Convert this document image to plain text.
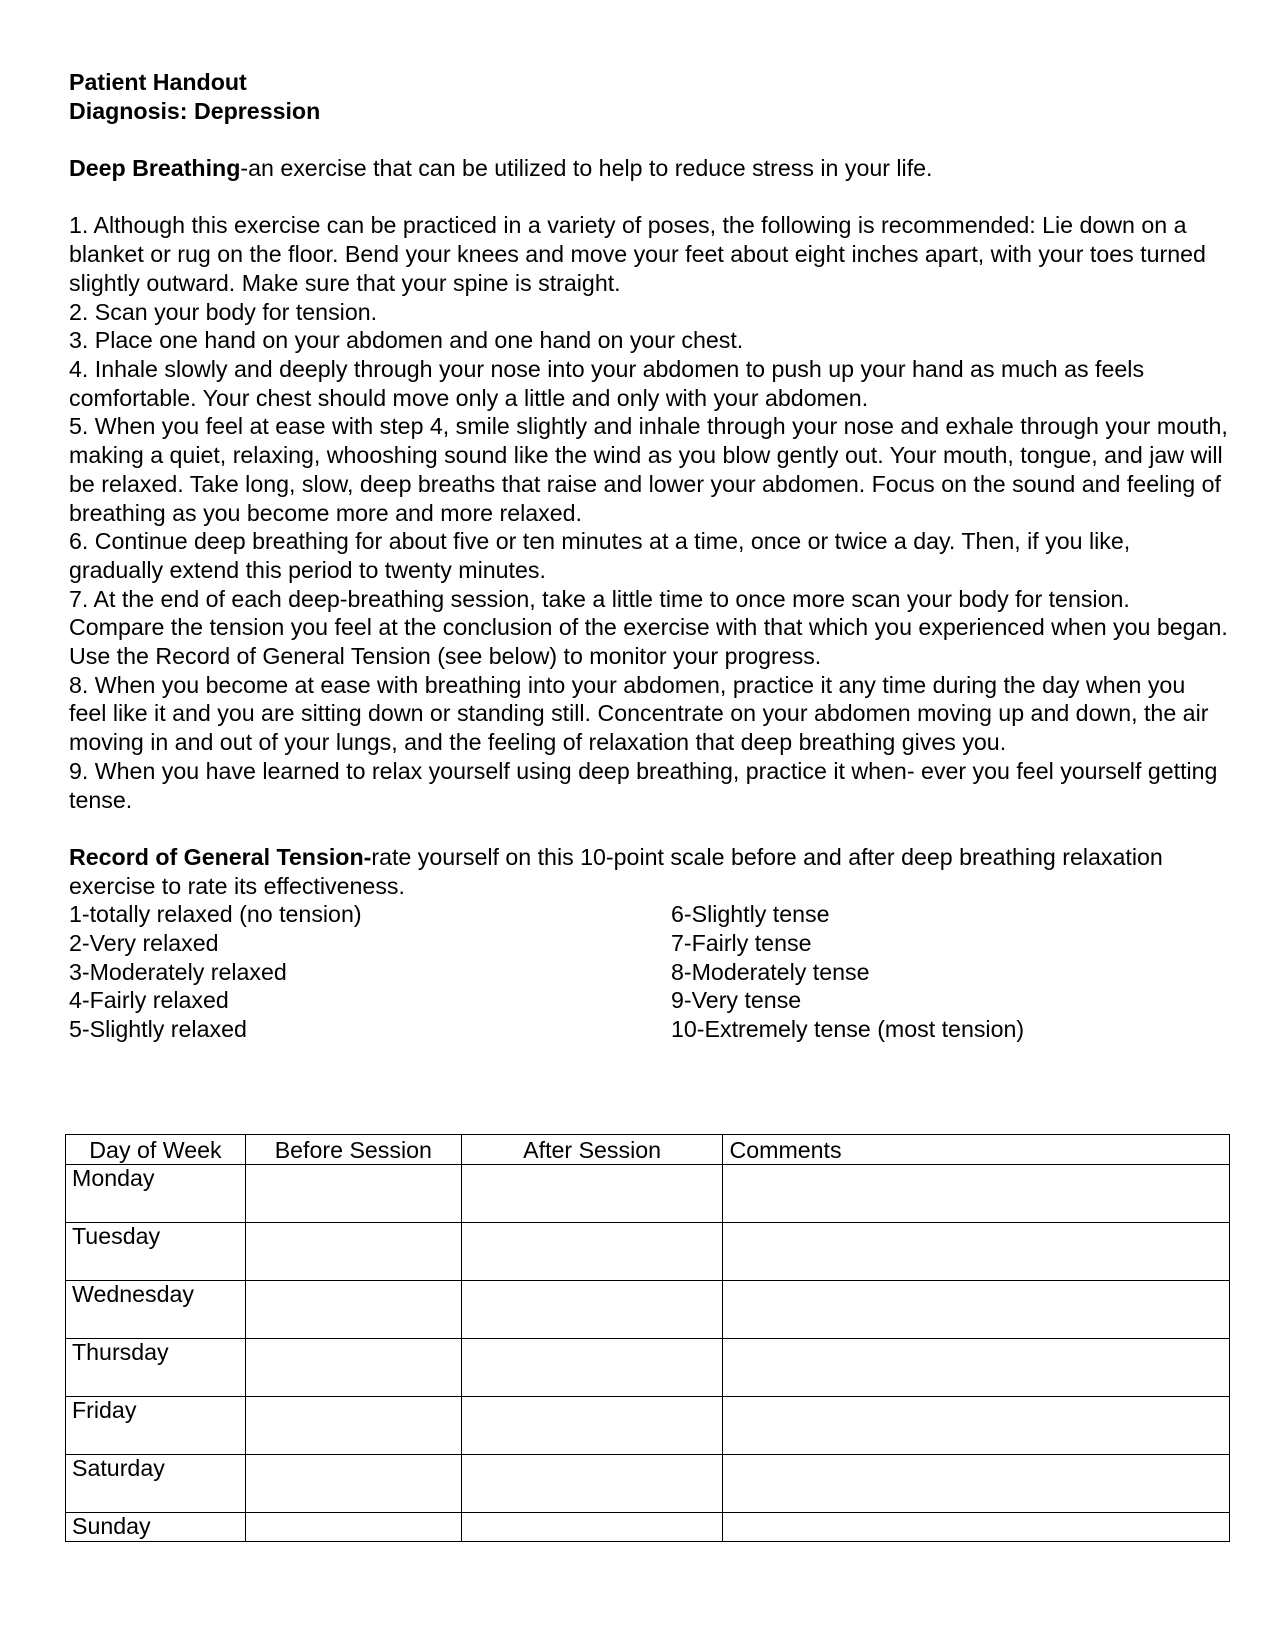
Patient Handout
Diagnosis: Depression
Deep Breathing-an exercise that can be utilized to help to reduce stress in your life.
1. Although this exercise can be practiced in a variety of poses, the following is recommended: Lie down on a blanket or rug on the floor. Bend your knees and move your feet about eight inches apart, with your toes turned slightly outward. Make sure that your spine is straight.
2. Scan your body for tension.
3. Place one hand on your abdomen and one hand on your chest.
4. Inhale slowly and deeply through your nose into your abdomen to push up your hand as much as feels comfortable. Your chest should move only a little and only with your abdomen.
5. When you feel at ease with step 4, smile slightly and inhale through your nose and exhale through your mouth, making a quiet, relaxing, whooshing sound like the wind as you blow gently out. Your mouth, tongue, and jaw will be relaxed. Take long, slow, deep breaths that raise and lower your abdomen. Focus on the sound and feeling of breathing as you become more and more relaxed.
6. Continue deep breathing for about five or ten minutes at a time, once or twice a day. Then, if you like, gradually extend this period to twenty minutes.
7. At the end of each deep-breathing session, take a little time to once more scan your body for tension. Compare the tension you feel at the conclusion of the exercise with that which you experienced when you began. Use the Record of General Tension (see below) to monitor your progress.
8. When you become at ease with breathing into your abdomen, practice it any time during the day when you feel like it and you are sitting down or standing still. Concentrate on your abdomen moving up and down, the air moving in and out of your lungs, and the feeling of relaxation that deep breathing gives you.
9. When you have learned to relax yourself using deep breathing, practice it when- ever you feel yourself getting tense.
Record of General Tension-rate yourself on this 10-point scale before and after deep breathing relaxation exercise to rate its effectiveness.
1-totally relaxed (no tension)
2-Very relaxed
3-Moderately relaxed
4-Fairly relaxed
5-Slightly relaxed
6-Slightly tense
7-Fairly tense
8-Moderately tense
9-Very tense
10-Extremely tense (most tension)
Day of Week	Before Session	After Session	Comments
Monday			
Tuesday			
Wednesday			
Thursday			
Friday			
Saturday			
Sunday			
